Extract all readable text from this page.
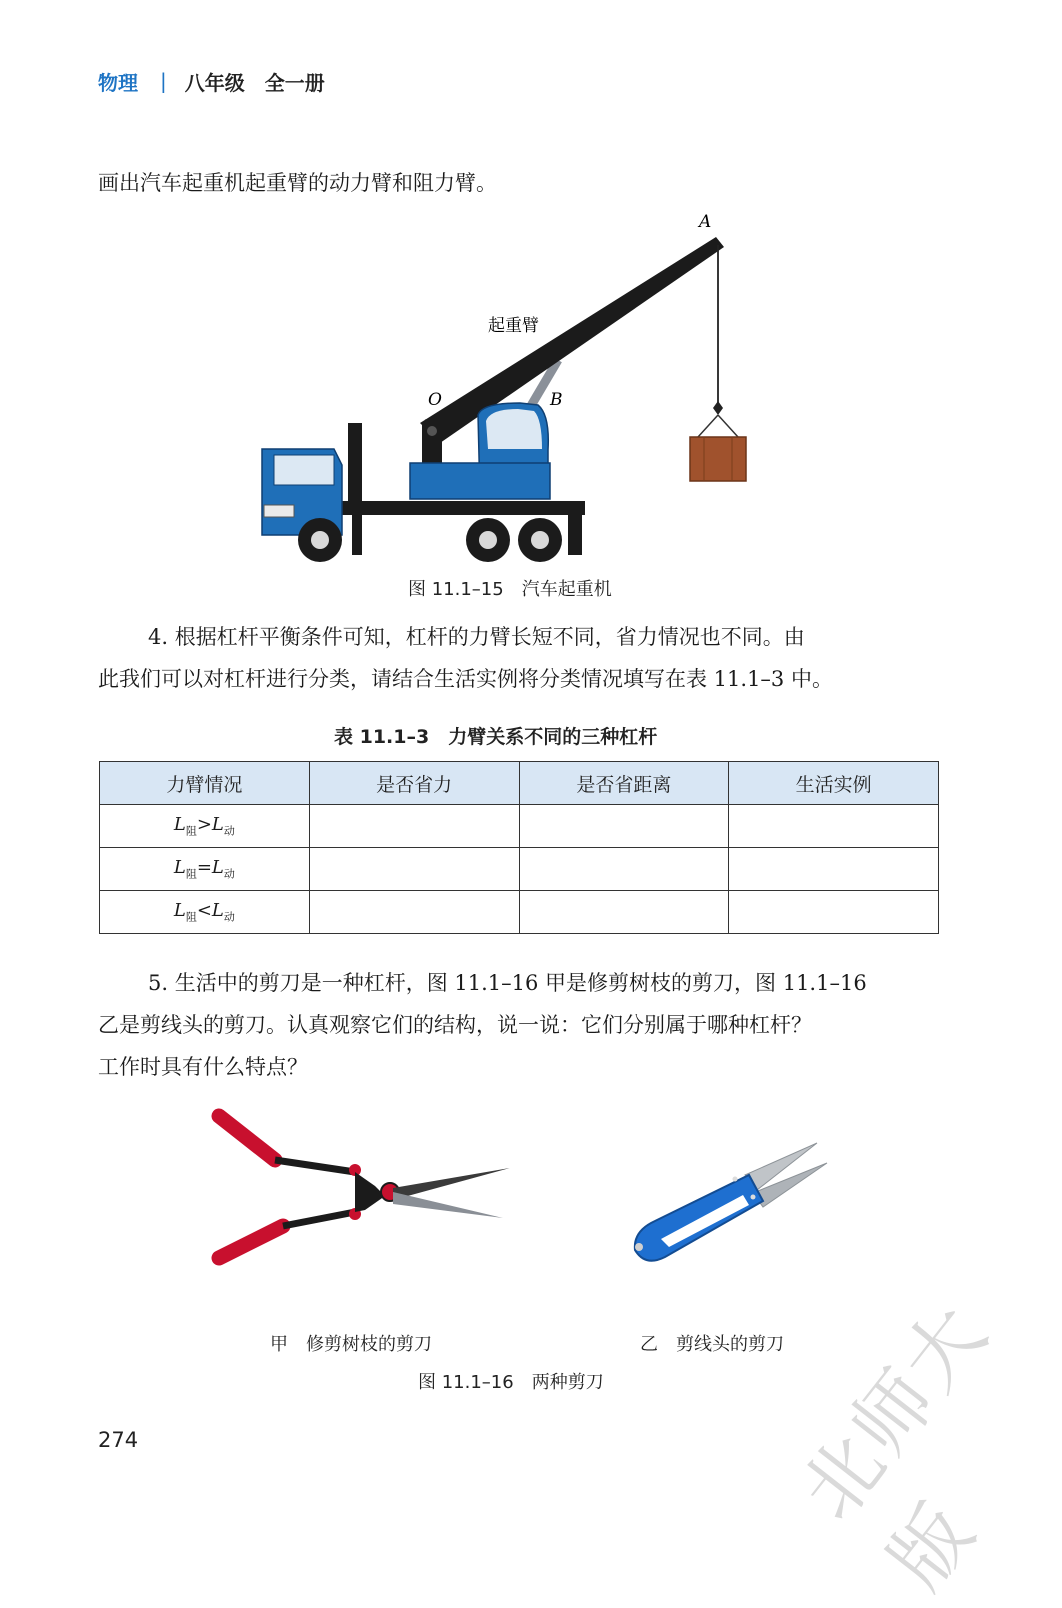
物理 | 八年级 全一册
画出汽车起重机起重臂的动力臂和阻力臂。
A
O	B
起重臂
图 11.1–15　汽车起重机
4. 根据杠杆平衡条件可知，杠杆的力臂长短不同，省力情况也不同。由
此我们可以对杠杆进行分类，请结合生活实例将分类情况填写在表 11.1–3 中。
表 11.1–3　力臂关系不同的三种杠杆
力臂情况	是否省力	是否省距离	生活实例
$L_阻>L_动$			
$L_阻=L_动$			
$L_阻<L_动$			
5. 生活中的剪刀是一种杠杆，图 11.1–16 甲是修剪树枝的剪刀，图 11.1–16
乙是剪线头的剪刀。认真观察它们的结构，说一说：它们分别属于哪种杠杆？
工作时具有什么特点？
甲　修剪树枝的剪刀	乙　剪线头的剪刀
图 11.1–16　两种剪刀 北师大版
274
